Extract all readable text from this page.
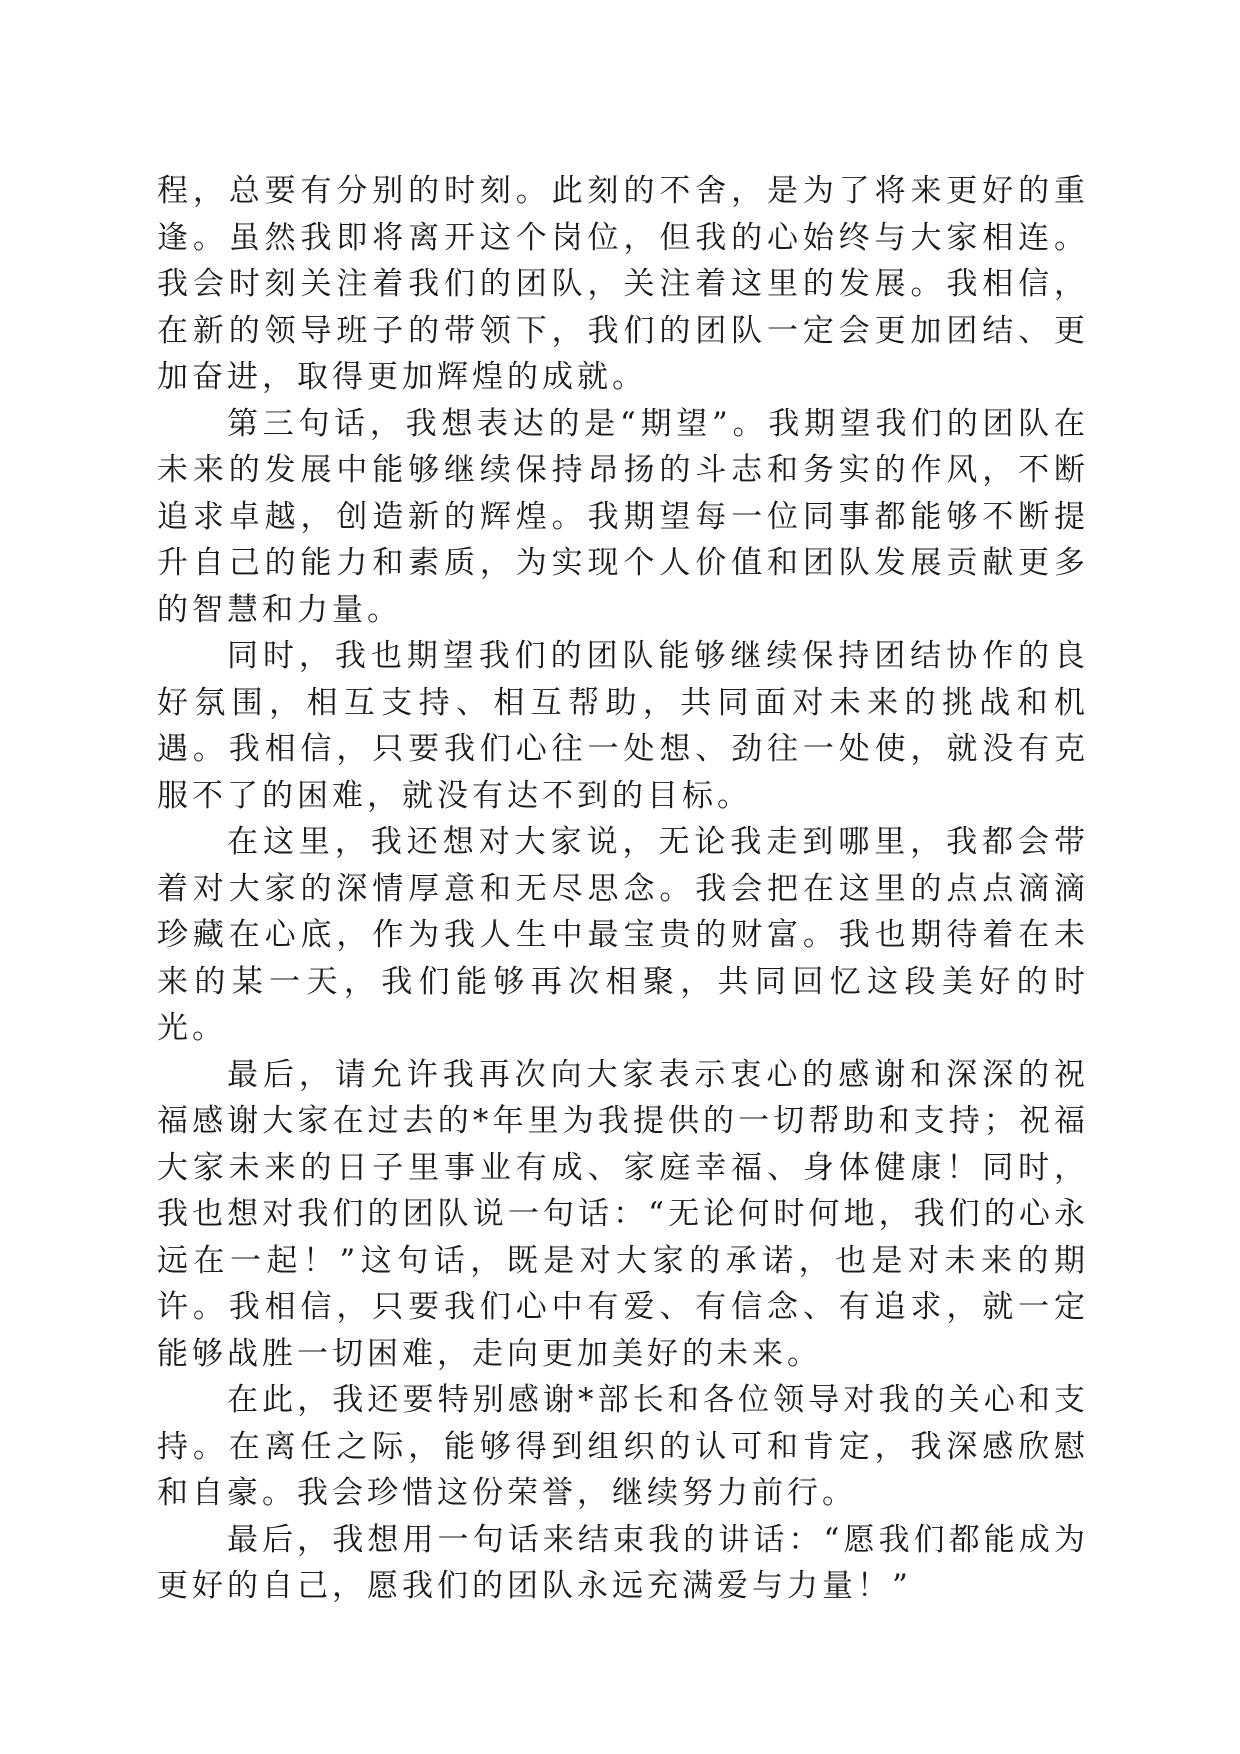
程，总要有分别的时刻。此刻的不舍，是为了将来更好的重逢。虽然我即将离开这个岗位，但我的心始终与大家相连。我会时刻关注着我们的团队，关注着这里的发展。我相信，在新的领导班子的带领下，我们的团队一定会更加团结、更加奋进，取得更加辉煌的成就。

第三句话，我想表达的是“期望”。我期望我们的团队在未来的发展中能够继续保持昂扬的斗志和务实的作风，不断追求卓越，创造新的辉煌。我期望每一位同事都能够不断提升自己的能力和素质，为实现个人价值和团队发展贡献更多的智慧和力量。

同时，我也期望我们的团队能够继续保持团结协作的良好氛围，相互支持、相互帮助，共同面对未来的挑战和机遇。我相信，只要我们心往一处想、劲往一处使，就没有克服不了的困难，就没有达不到的目标。

在这里，我还想对大家说，无论我走到哪里，我都会带着对大家的深情厚意和无尽思念。我会把在这里的点点滴滴珍藏在心底，作为我人生中最宝贵的财富。我也期待着在未来的某一天，我们能够再次相聚，共同回忆这段美好的时光。

最后，请允许我再次向大家表示衷心的感谢和深深的祝福感谢大家在过去的*年里为我提供的一切帮助和支持；祝福大家未来的日子里事业有成、家庭幸福、身体健康！同时，我也想对我们的团队说一句话：“无论何时何地，我们的心永远在一起！”这句话，既是对大家的承诺，也是对未来的期许。我相信，只要我们心中有爱、有信念、有追求，就一定能够战胜一切困难，走向更加美好的未来。

在此，我还要特别感谢*部长和各位领导对我的关心和支持。在离任之际，能够得到组织的认可和肯定，我深感欣慰和自豪。我会珍惜这份荣誉，继续努力前行。

最后，我想用一句话来结束我的讲话：“愿我们都能成为更好的自己，愿我们的团队永远充满爱与力量！”
